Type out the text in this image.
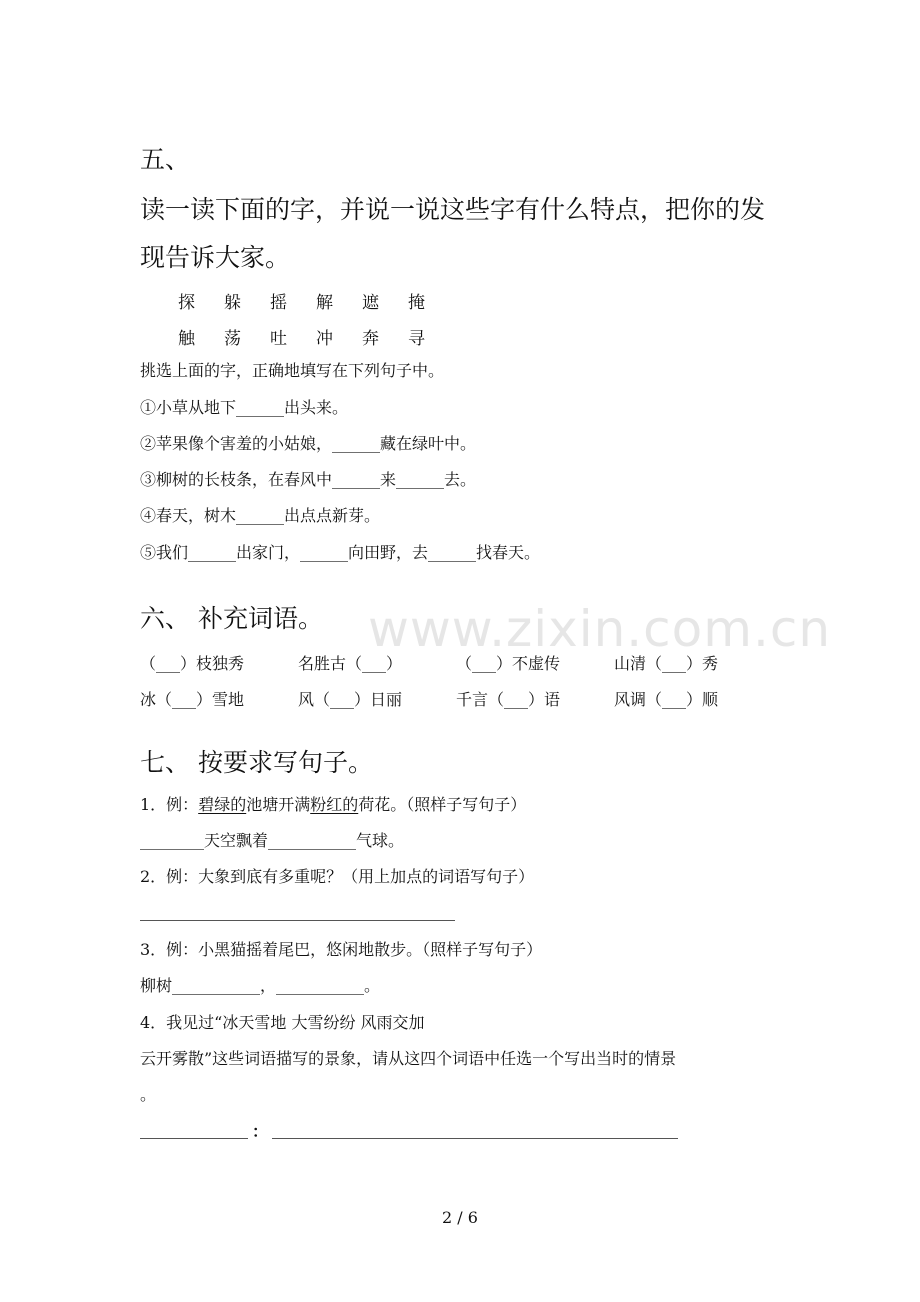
www.zixin.com.cn
五、
读一读下面的字，并说一说这些字有什么特点，把你的发
现告诉大家。
探 躲 摇 解 遮 掩
触 荡 吐 冲 奔 寻
挑选上面的字，正确地填写在下列句子中。
①小草从地下______出头来。
②苹果像个害羞的小姑娘，______藏在绿叶中。
③柳树的长枝条，在春风中______来______去。
④春天，树木______出点点新芽。
⑤我们______出家门，______向田野，去______找春天。
六、 补充词语。
（___）枝独秀	名胜古（___）	（___）不虚传	山清（___）秀
冰（___）雪地	风（___）日丽	千言（___）语	风调（___）顺
七、 按要求写句子。
1．例：碧绿的池塘开满粉红的荷花。（照样子写句子）
________天空飘着___________气球。
2．例：大象到底有多重呢？（用上加点的词语写句子）
3．例：小黑猫摇着尾巴，悠闲地散步。（照样子写句子）
柳树___________，___________。
4．我见过“冰天雪地 大雪纷纷 风雨交加
云开雾散”这些词语描写的景象，请从这四个词语中任选一个写出当时的情景
。
：
2 / 6
